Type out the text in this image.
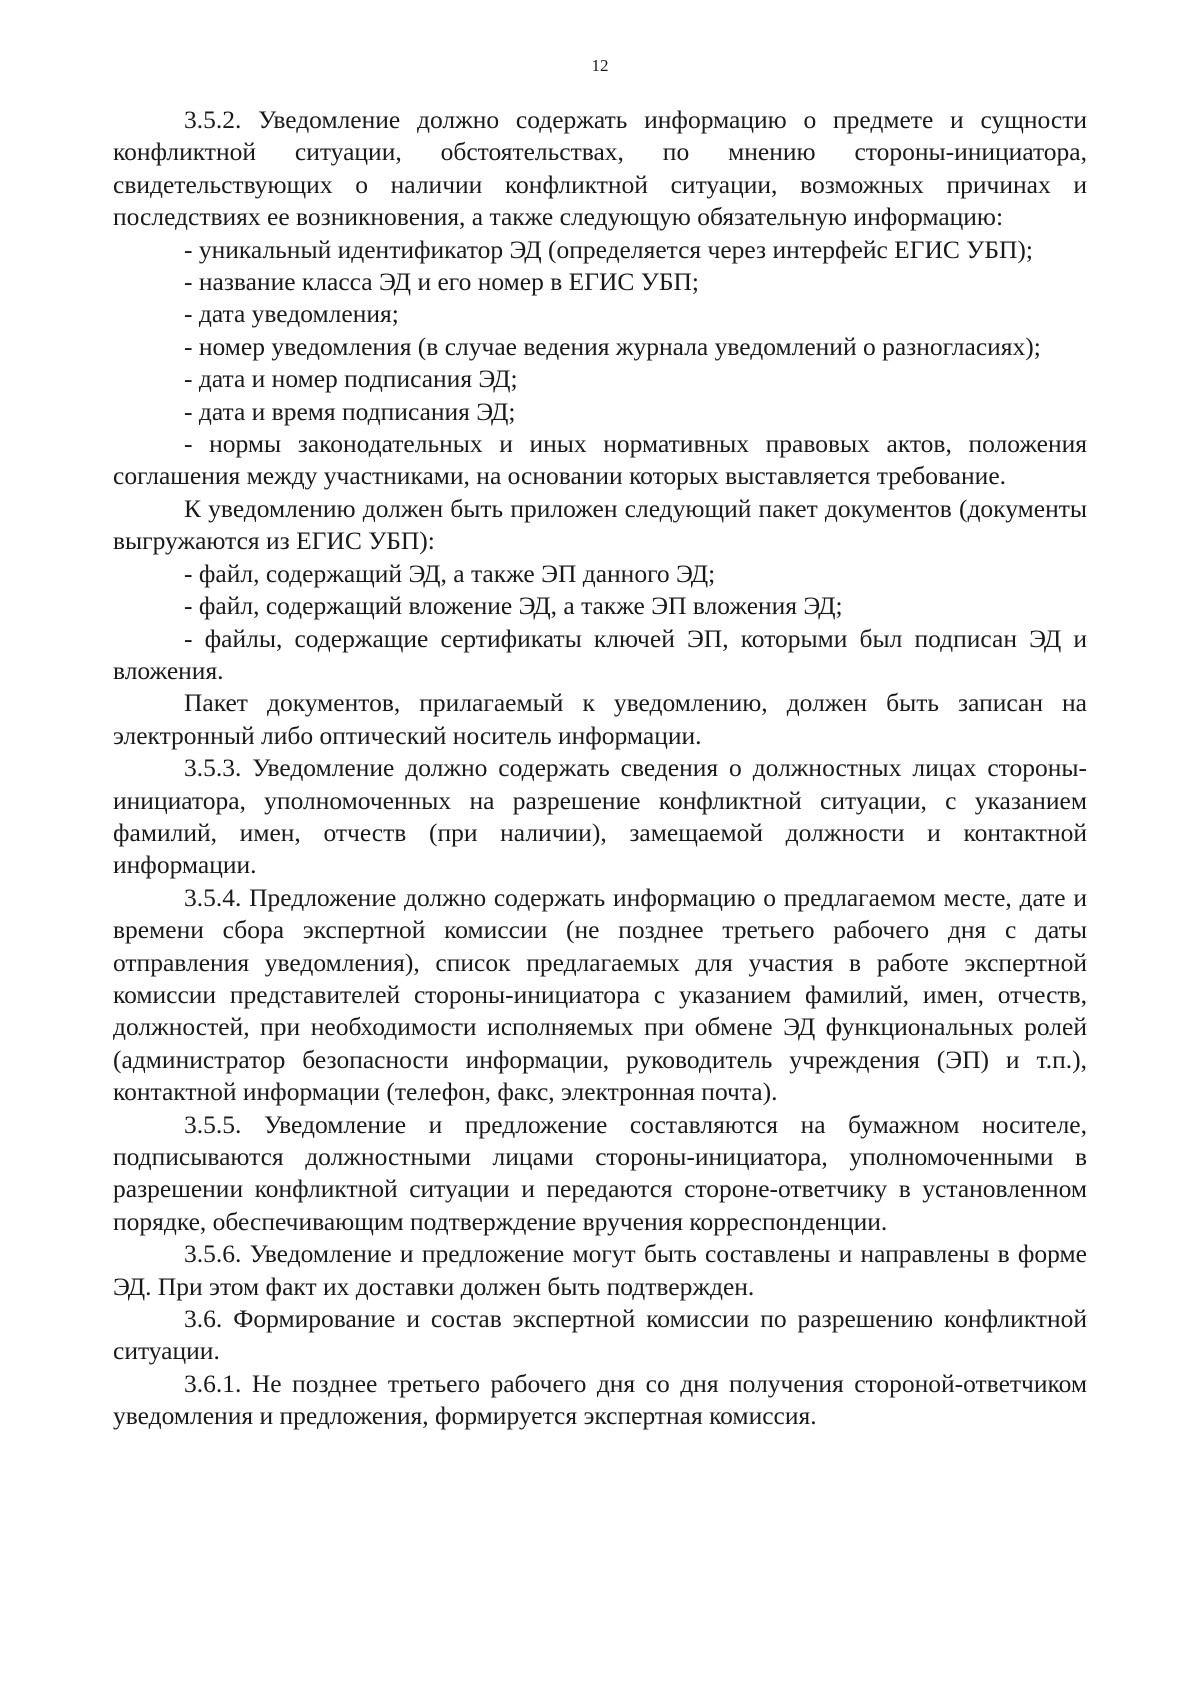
12

3.5.2. Уведомление должно содержать информацию о предмете и сущности конфликтной ситуации, обстоятельствах, по мнению стороны-инициатора, свидетельствующих о наличии конфликтной ситуации, возможных причинах и последствиях ее возникновения, а также следующую обязательную информацию:

- уникальный идентификатор ЭД (определяется через интерфейс ЕГИС УБП);

- название класса ЭД и его номер в ЕГИС УБП;

- дата уведомления;

- номер уведомления (в случае ведения журнала уведомлений о разногласиях);

- дата и номер подписания ЭД;

- дата и время подписания ЭД;

- нормы законодательных и иных нормативных правовых актов, положения соглашения между участниками, на основании которых выставляется требование.

К уведомлению должен быть приложен следующий пакет документов (документы выгружаются из ЕГИС УБП):

- файл, содержащий ЭД, а также ЭП данного ЭД;

- файл, содержащий вложение ЭД, а также ЭП вложения ЭД;

- файлы, содержащие сертификаты ключей ЭП, которыми был подписан ЭД и вложения.

Пакет документов, прилагаемый к уведомлению, должен быть записан на электронный либо оптический носитель информации.

3.5.3. Уведомление должно содержать сведения о должностных лицах стороны-инициатора, уполномоченных на разрешение конфликтной ситуации, с указанием фамилий, имен, отчеств (при наличии), замещаемой должности и контактной информации.

3.5.4. Предложение должно содержать информацию о предлагаемом месте, дате и времени сбора экспертной комиссии (не позднее третьего рабочего дня с даты отправления уведомления), список предлагаемых для участия в работе экспертной комиссии представителей стороны-инициатора с указанием фамилий, имен, отчеств, должностей, при необходимости исполняемых при обмене ЭД функциональных ролей (администратор безопасности информации, руководитель учреждения (ЭП) и т.п.), контактной информации (телефон, факс, электронная почта).

3.5.5. Уведомление и предложение составляются на бумажном носителе, подписываются должностными лицами стороны-инициатора, уполномоченными в разрешении конфликтной ситуации и передаются стороне-ответчику в установленном порядке, обеспечивающим подтверждение вручения корреспонденции.

3.5.6. Уведомление и предложение могут быть составлены и направлены в форме ЭД. При этом факт их доставки должен быть подтвержден.

3.6. Формирование и состав экспертной комиссии по разрешению конфликтной ситуации.

3.6.1. Не позднее третьего рабочего дня со дня получения стороной-ответчиком уведомления и предложения, формируется экспертная комиссия.
